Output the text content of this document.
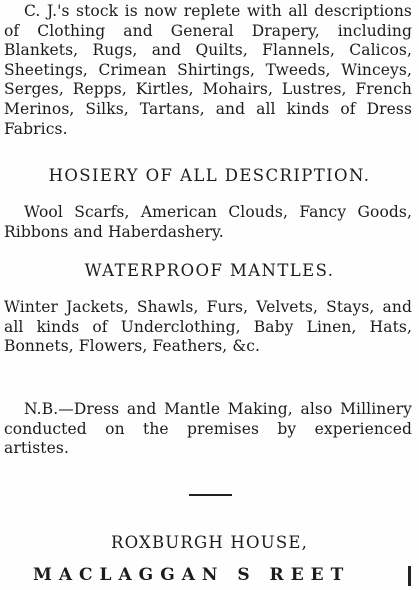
C. J.'s stock is now replete with all descriptions of Clothing and General Drapery, including Blankets, Rugs, and Quilts, Flannels, Calicos, Sheetings, Crimean Shirtings, Tweeds, Winceys, Serges, Repps, Kirtles, Mohairs, Lustres, French Merinos, Silks, Tartans, and all kinds of Dress Fabrics.
HOSIERY OF ALL DESCRIPTION.
Wool Scarfs, American Clouds, Fancy Goods, Ribbons and Haberdashery.
WATERPROOF MANTLES.
Winter Jackets, Shawls, Furs, Velvets, Stays, and all kinds of Underclothing, Baby Linen, Hats, Bonnets, Flowers, Feathers, &c.
N.B.—Dress and Mantle Making, also Millinery conducted on the premises by experienced artistes.
ROXBURGH HOUSE,
MACLAGGAN S REET
